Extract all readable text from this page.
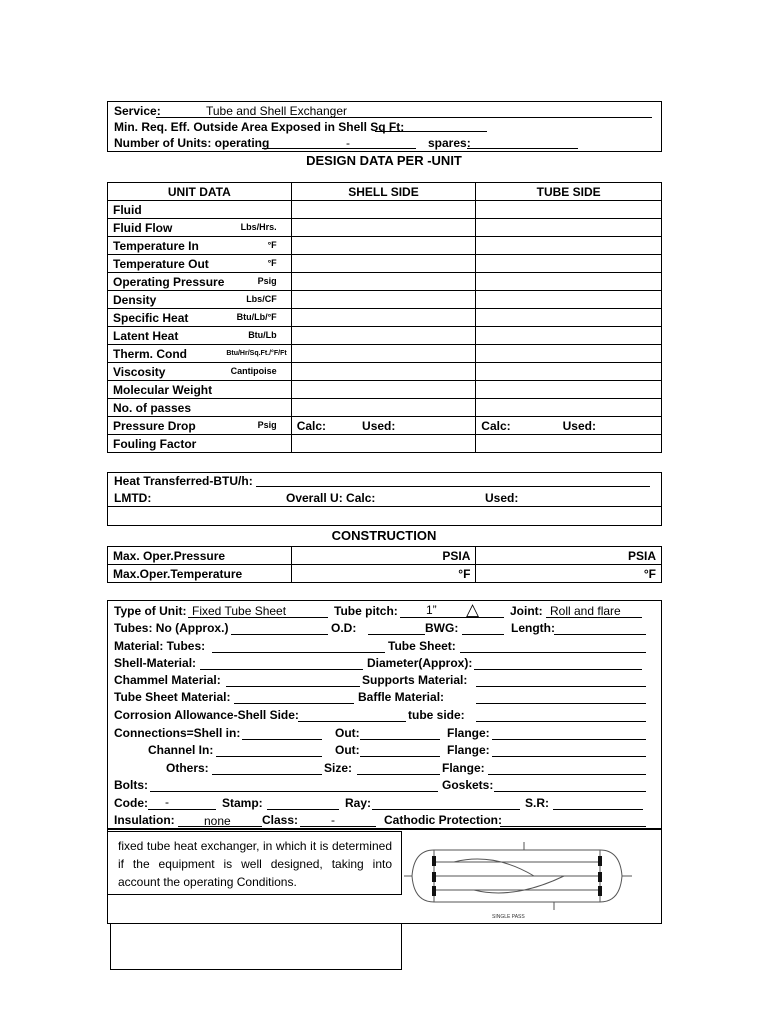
Service:	Tube and Shell Exchanger
Min. Req. Eff. Outside Area Exposed in Shell Sq Ft:
Number of Units: operating	-	spares:
DESIGN DATA PER -UNIT
UNIT DATA	SHELL SIDE	TUBE SIDE
Fluid		
Fluid Flow Lbs/Hrs.		

Temperature In °F		

Temperature Out °F		

Operating Pressure Psig		

Density Lbs/CF		

Specific Heat Btu/Lb/°F		

Latent Heat Btu/Lb		

Therm. Cond Btu/Hr/Sq.Ft./°F/Ft		

Viscosity Cantipoise		

Molecular Weight		
No. of passes		
Pressure Drop Psig	Calc: Used:	Calc: Used:
Fouling Factor		
Heat Transferred-BTU/h:
LMTD:	Overall U: Calc:	Used:
CONSTRUCTION
Max. Oper.Pressure	PSIA	PSIA
Max.Oper.Temperature	°F	°F
Type of Unit: Fixed Tube Sheet	Tube pitch: 1” △	Joint: Roll and flare
Tubes: No (Approx.)	O.D:	BWG:	Length:
Material: Tubes:	Tube Sheet:
Shell-Material:	Diameter(Approx):
Chammel Material:	Supports Material:
Tube Sheet Material:	Baffle Material:
Corrosion Allowance-Shell Side:	tube side:
Connections=Shell in:	Out:	Flange:
Channel In:	Out:	Flange:
Others:	Size:	Flange:
Bolts:	Goskets:
Code: -	Stamp:	Ray:	S.R:
Insulation: none	Class:	-	Cathodic Protection:
fixed tube heat exchanger, in which it is determined if the equipment is well designed, taking into account the operating Conditions.
SINGLE PASS
